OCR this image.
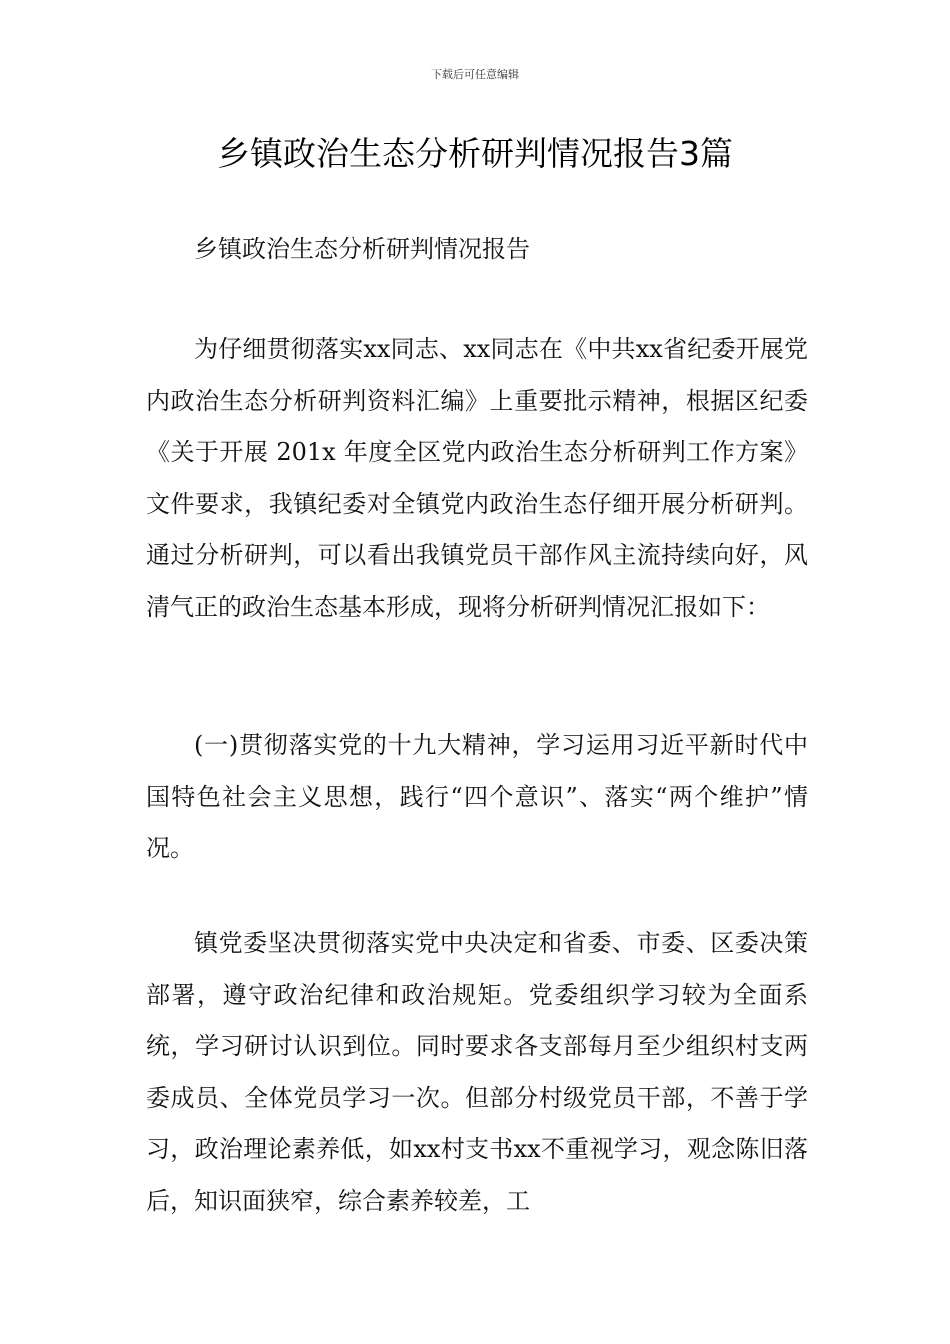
下载后可任意编辑
乡镇政治生态分析研判情况报告3篇

乡镇政治生态分析研判情况报告

为仔细贯彻落实xx同志、xx同志在《中共xx省纪委开展党内政治生态分析研判资料汇编》上重要批示精神，根据区纪委《关于开展 201x 年度全区党内政治生态分析研判工作方案》文件要求，我镇纪委对全镇党内政治生态仔细开展分析研判。通过分析研判，可以看出我镇党员干部作风主流持续向好，风清气正的政治生态基本形成，现将分析研判情况汇报如下：

(一)贯彻落实党的十九大精神，学习运用习近平新时代中国特色社会主义思想，践行“四个意识”、落实“两个维护”情况。

镇党委坚决贯彻落实党中央决定和省委、市委、区委决策部署，遵守政治纪律和政治规矩。党委组织学习较为全面系统，学习研讨认识到位。同时要求各支部每月至少组织村支两委成员、全体党员学习一次。但部分村级党员干部，不善于学习，政治理论素养低，如xx村支书xx不重视学习，观念陈旧落后，知识面狭窄，综合素养较差，工
